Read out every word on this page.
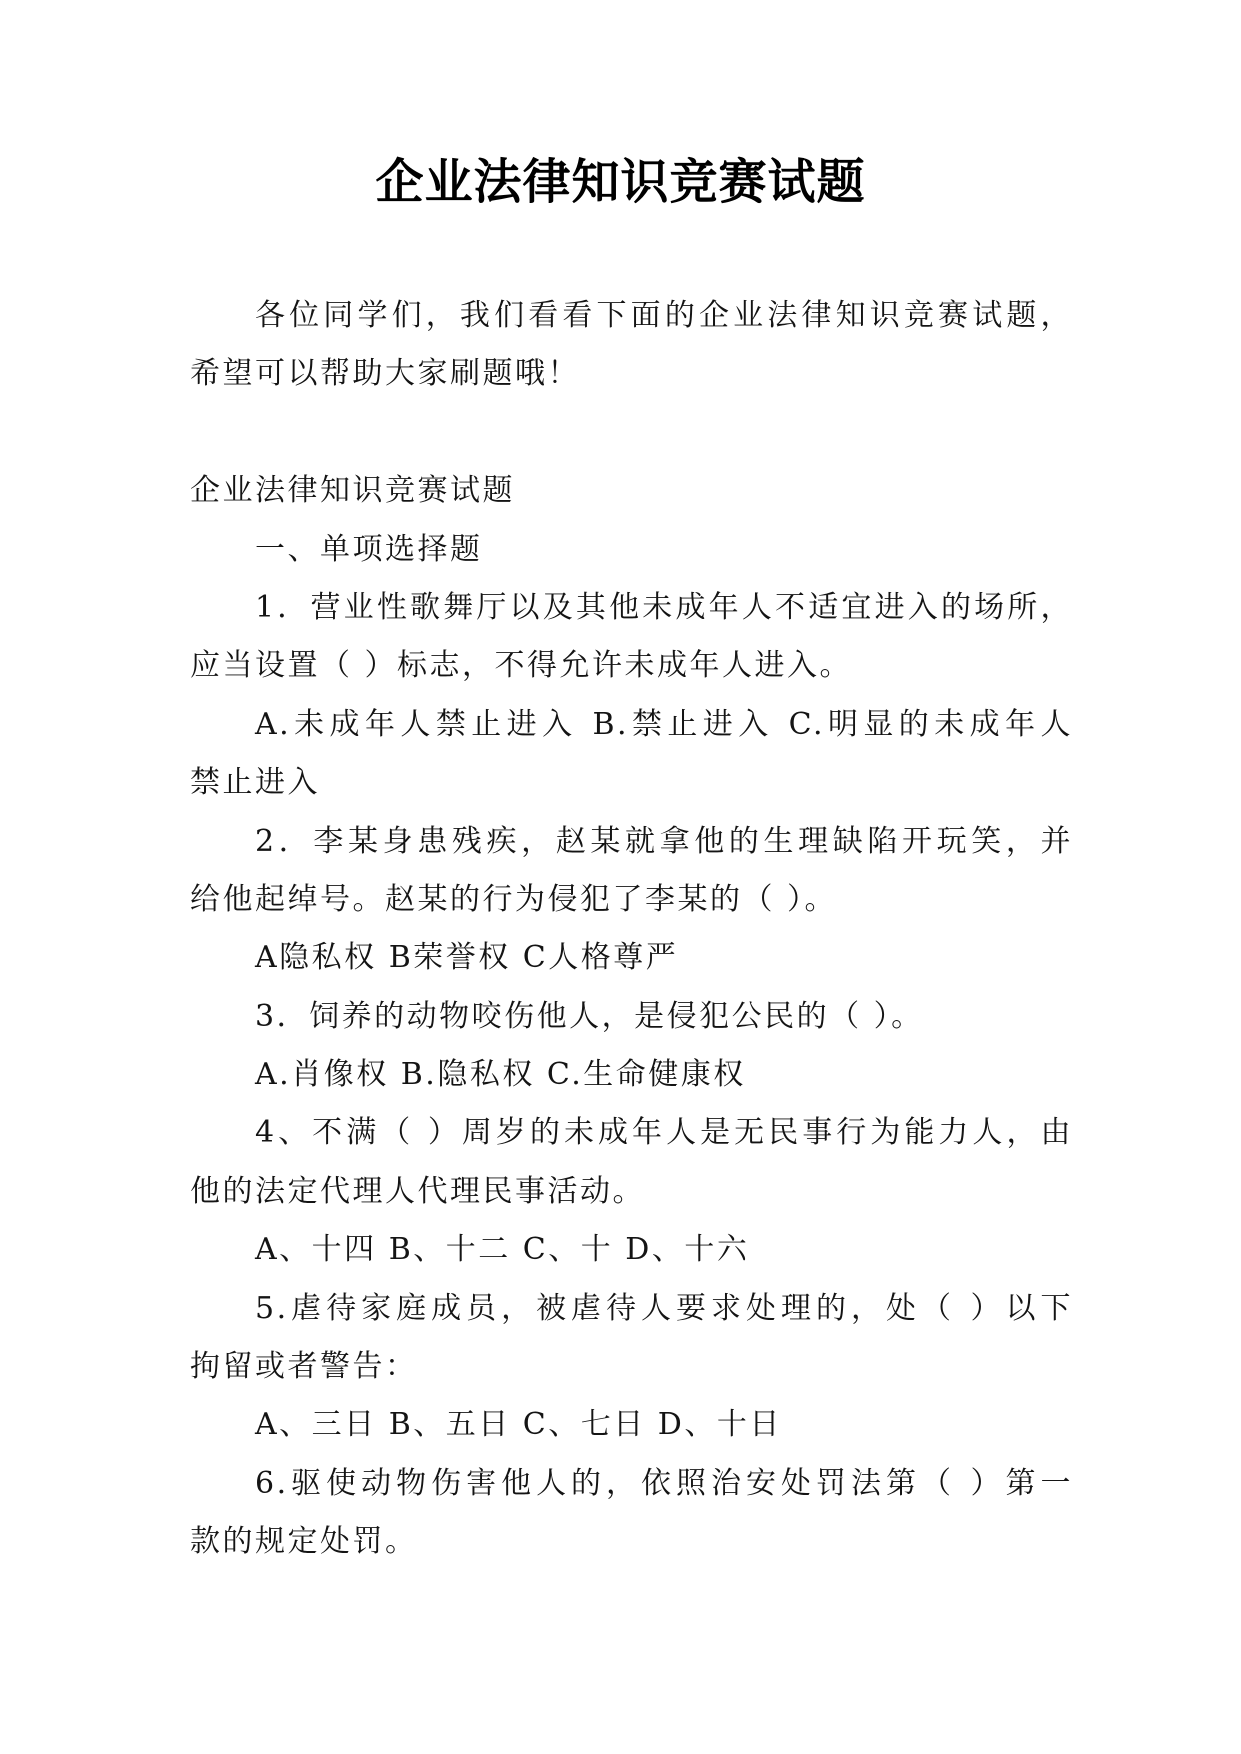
企业法律知识竞赛试题
各位同学们，我们看看下面的企业法律知识竞赛试题，
希望可以帮助大家刷题哦！
企业法律知识竞赛试题
一、单项选择题
1．营业性歌舞厅以及其他未成年人不适宜进入的场所，
应当设置（ ）标志，不得允许未成年人进入。
A.未成年人禁止进入 B.禁止进入 C.明显的未成年人
禁止进入
2．李某身患残疾，赵某就拿他的生理缺陷开玩笑，并
给他起绰号。赵某的行为侵犯了李某的（ ）。
A隐私权 B荣誉权 C人格尊严
3．饲养的动物咬伤他人，是侵犯公民的（ ）。
A.肖像权 B.隐私权 C.生命健康权
4、不满（ ）周岁的未成年人是无民事行为能力人，由
他的法定代理人代理民事活动。
A、十四 B、十二 C、十 D、十六
5.虐待家庭成员，被虐待人要求处理的，处（ ）以下
拘留或者警告：
A、三日 B、五日 C、七日 D、十日
6.驱使动物伤害他人的，依照治安处罚法第（ ）第一
款的规定处罚。
